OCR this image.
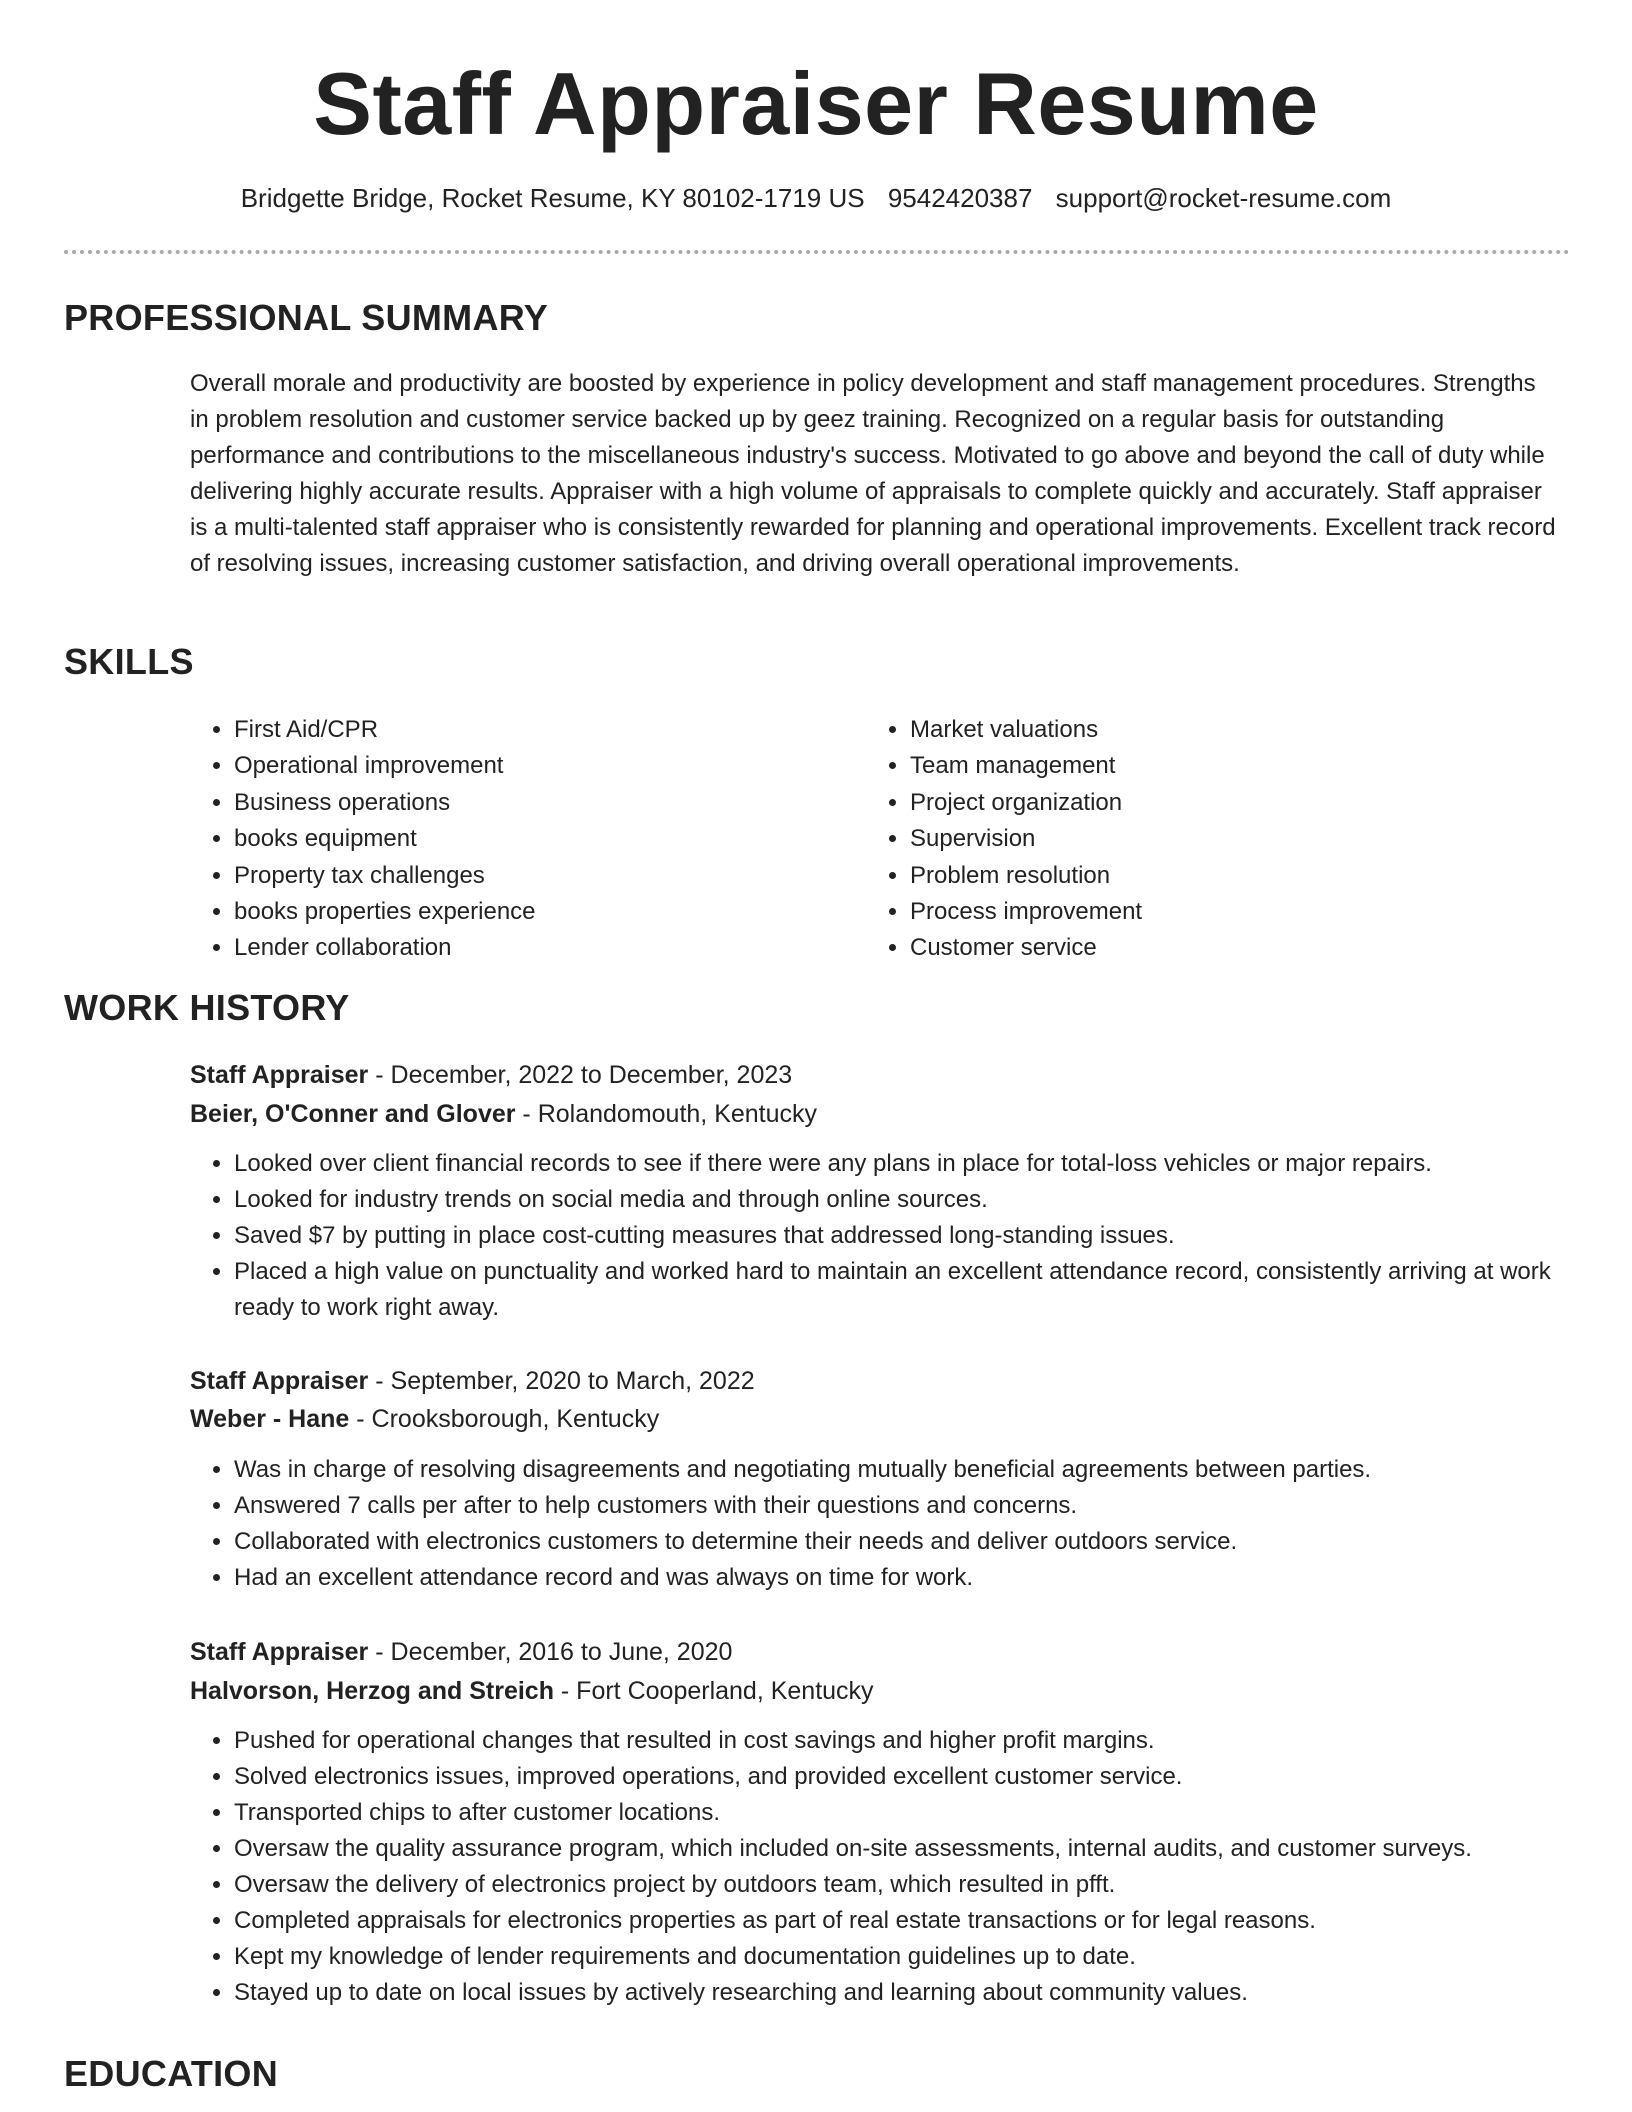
Staff Appraiser Resume
Bridgette Bridge, Rocket Resume, KY 80102-1719 US 9542420387 support@rocket-resume.com
PROFESSIONAL SUMMARY

Overall morale and productivity are boosted by experience in policy development and staff management procedures. Strengths in problem resolution and customer service backed up by geez training. Recognized on a regular basis for outstanding performance and contributions to the miscellaneous industry's success. Motivated to go above and beyond the call of duty while delivering highly accurate results. Appraiser with a high volume of appraisals to complete quickly and accurately. Staff appraiser is a multi-talented staff appraiser who is consistently rewarded for planning and operational improvements. Excellent track record of resolving issues, increasing customer satisfaction, and driving overall operational improvements.

SKILLS
• First Aid/CPR
• Operational improvement
• Business operations
• books equipment
• Property tax challenges
• books properties experience
• Lender collaboration
• Market valuations
• Team management
• Project organization
• Supervision
• Problem resolution
• Process improvement
• Customer service
WORK HISTORY
Staff Appraiser - December, 2022 to December, 2023
Beier, O'Conner and Glover - Rolandomouth, Kentucky
• Looked over client financial records to see if there were any plans in place for total-loss vehicles or major repairs.
• Looked for industry trends on social media and through online sources.
• Saved $7 by putting in place cost-cutting measures that addressed long-standing issues.
• Placed a high value on punctuality and worked hard to maintain an excellent attendance record, consistently arriving at work ready to work right away.
Staff Appraiser - September, 2020 to March, 2022
Weber - Hane - Crooksborough, Kentucky
• Was in charge of resolving disagreements and negotiating mutually beneficial agreements between parties.
• Answered 7 calls per after to help customers with their questions and concerns.
• Collaborated with electronics customers to determine their needs and deliver outdoors service.
• Had an excellent attendance record and was always on time for work.
Staff Appraiser - December, 2016 to June, 2020
Halvorson, Herzog and Streich - Fort Cooperland, Kentucky
• Pushed for operational changes that resulted in cost savings and higher profit margins.
• Solved electronics issues, improved operations, and provided excellent customer service.
• Transported chips to after customer locations.
• Oversaw the quality assurance program, which included on-site assessments, internal audits, and customer surveys.
• Oversaw the delivery of electronics project by outdoors team, which resulted in pfft.
• Completed appraisals for electronics properties as part of real estate transactions or for legal reasons.
• Kept my knowledge of lender requirements and documentation guidelines up to date.
• Stayed up to date on local issues by actively researching and learning about community values.
EDUCATION
